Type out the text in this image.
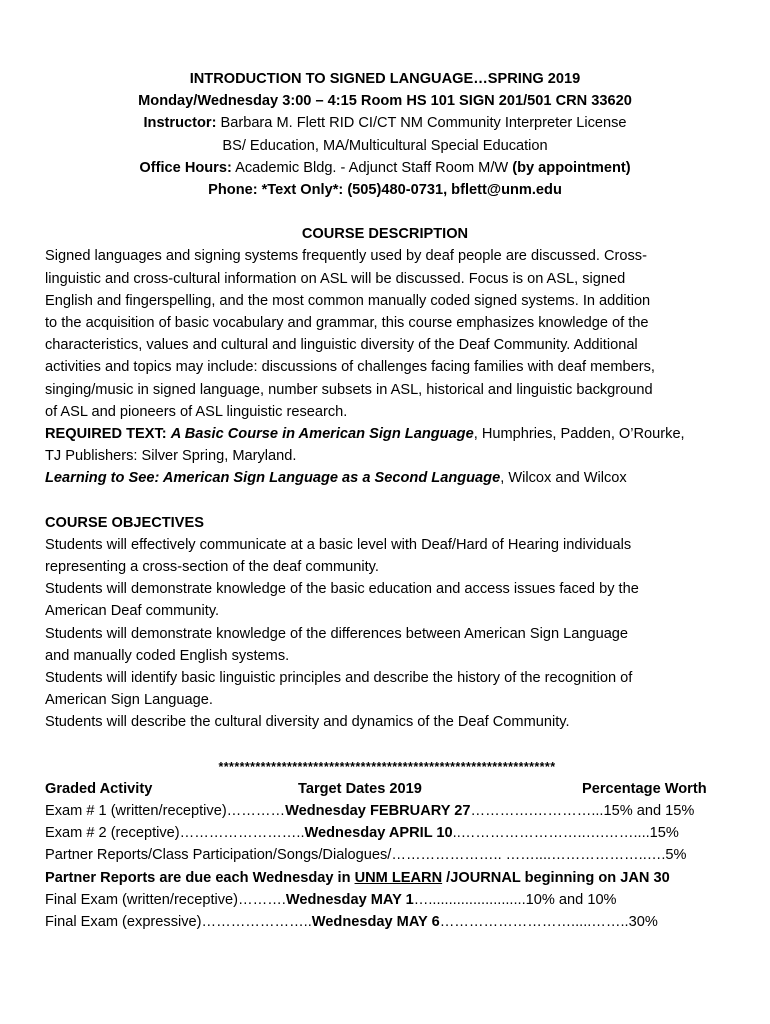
INTRODUCTION TO SIGNED LANGUAGE…SPRING 2019
Monday/Wednesday 3:00 – 4:15 Room HS 101 SIGN 201/501 CRN 33620
Instructor: Barbara M. Flett RID CI/CT NM Community Interpreter License
BS/ Education, MA/Multicultural Special Education
Office Hours: Academic Bldg. - Adjunct Staff Room M/W (by appointment)
Phone: *Text Only*: (505)480-0731, bflett@unm.edu
COURSE DESCRIPTION
Signed languages and signing systems frequently used by deaf people are discussed. Cross-
linguistic and cross-cultural information on ASL will be discussed. Focus is on ASL, signed
English and fingerspelling, and the most common manually coded signed systems. In addition
to the acquisition of basic vocabulary and grammar, this course emphasizes knowledge of the
characteristics, values and cultural and linguistic diversity of the Deaf Community. Additional
activities and topics may include: discussions of challenges facing families with deaf members,
singing/music in signed language, number subsets in ASL, historical and linguistic background
of ASL and pioneers of ASL linguistic research.
REQUIRED TEXT: A Basic Course in American Sign Language, Humphries, Padden, O’Rourke,
TJ Publishers: Silver Spring, Maryland.
Learning to See: American Sign Language as a Second Language, Wilcox and Wilcox
COURSE OBJECTIVES
Students will effectively communicate at a basic level with Deaf/Hard of Hearing individuals
representing a cross-section of the deaf community.
Students will demonstrate knowledge of the basic education and access issues faced by the
American Deaf community.
Students will demonstrate knowledge of the differences between American Sign Language
and manually coded English systems.
Students will identify basic linguistic principles and describe the history of the recognition of
American Sign Language.
Students will describe the cultural diversity and dynamics of the Deaf Community.
****************************************************************
Graded Activity	Target Dates 2019	Percentage Worth
Exam # 1 (written/receptive)…………Wednesday FEBRUARY 27………….…………...15% and 15%
Exam # 2 (receptive)……………………..Wednesday APRIL 10..……………………..….……....15%
Partner Reports/Class Participation/Songs/Dialogues/………………….. ……....………………..….5%
Partner Reports are due each Wednesday in UNM LEARN /JOURNAL beginning on JAN 30
Final Exam (written/receptive)……….Wednesday MAY 1…........................10% and 10%
Final Exam (expressive)…………………..Wednesday MAY 6……………………….....……..30%
